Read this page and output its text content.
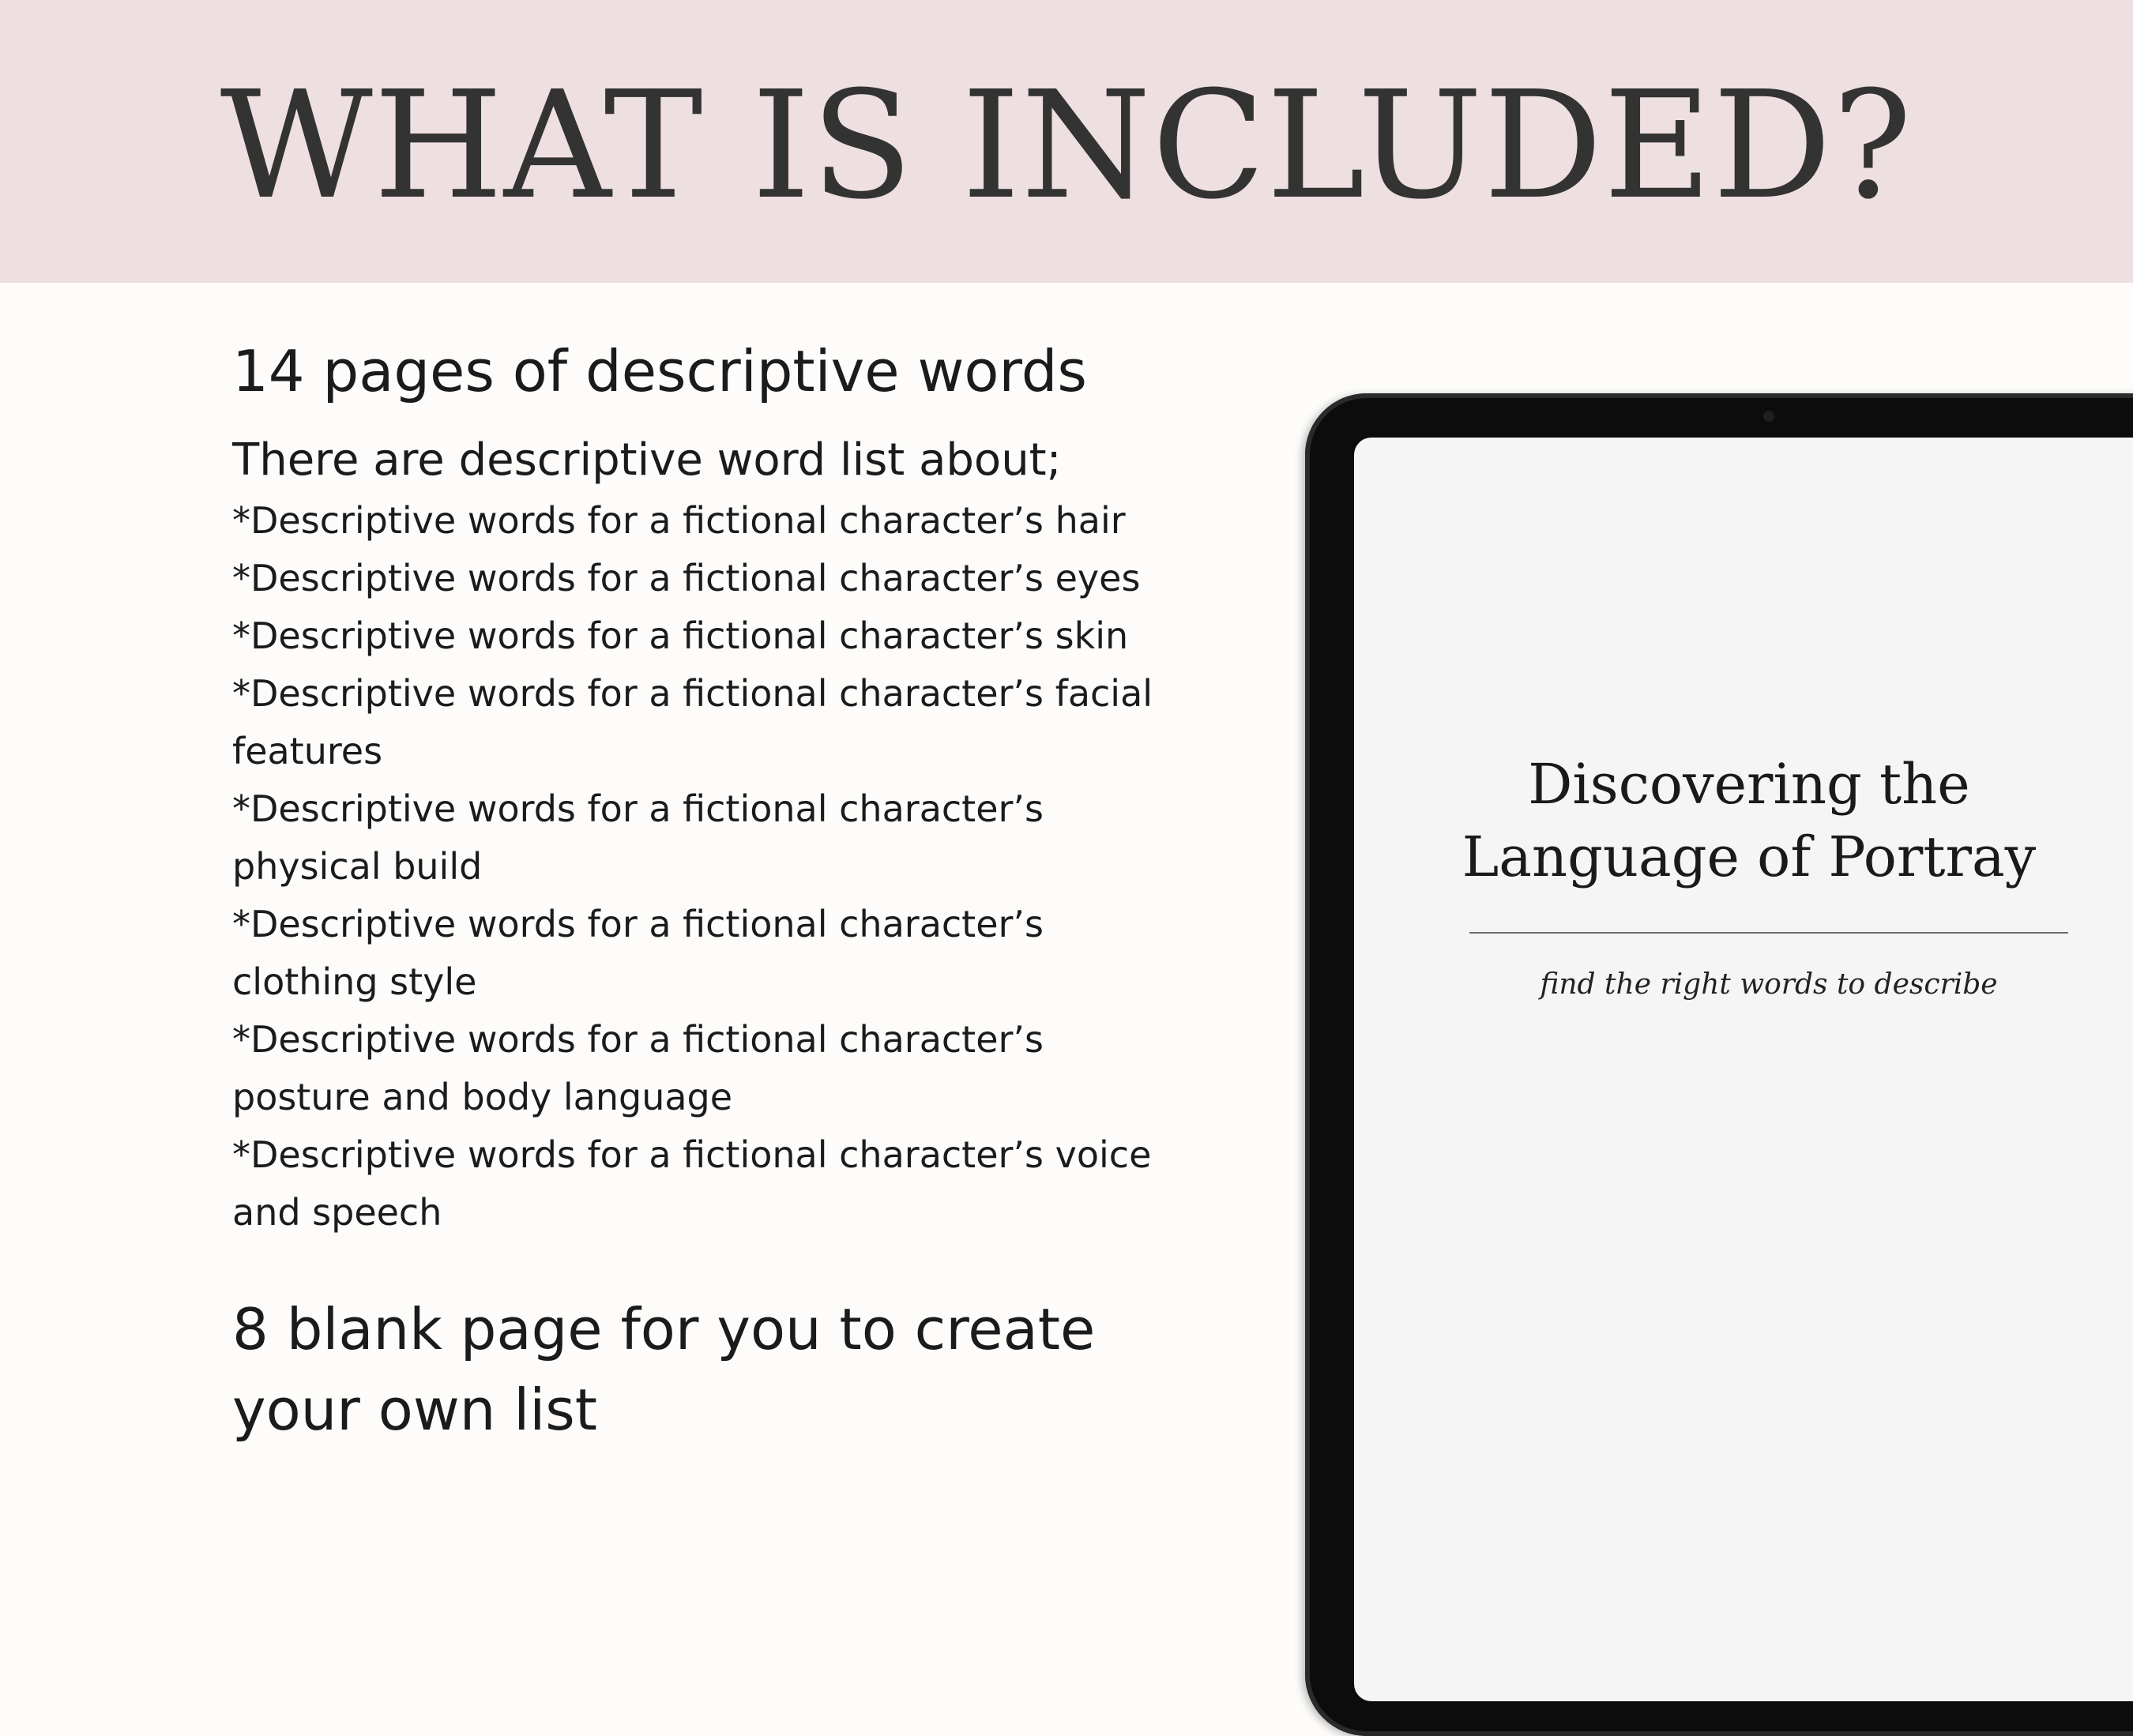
WHAT IS INCLUDED?
14 pages of descriptive words

There are descriptive word list about;

*Descriptive words for a fictional character’s hair
*Descriptive words for a fictional character’s eyes
*Descriptive words for a fictional character’s skin
*Descriptive words for a fictional character’s facial features
*Descriptive words for a fictional character’s physical build
*Descriptive words for a fictional character’s clothing style
*Descriptive words for a fictional character’s posture and body language
*Descriptive words for a fictional character’s voice and speech
8 blank page for you to create your own list
Discovering the Language of Portray
find the right words to describe
